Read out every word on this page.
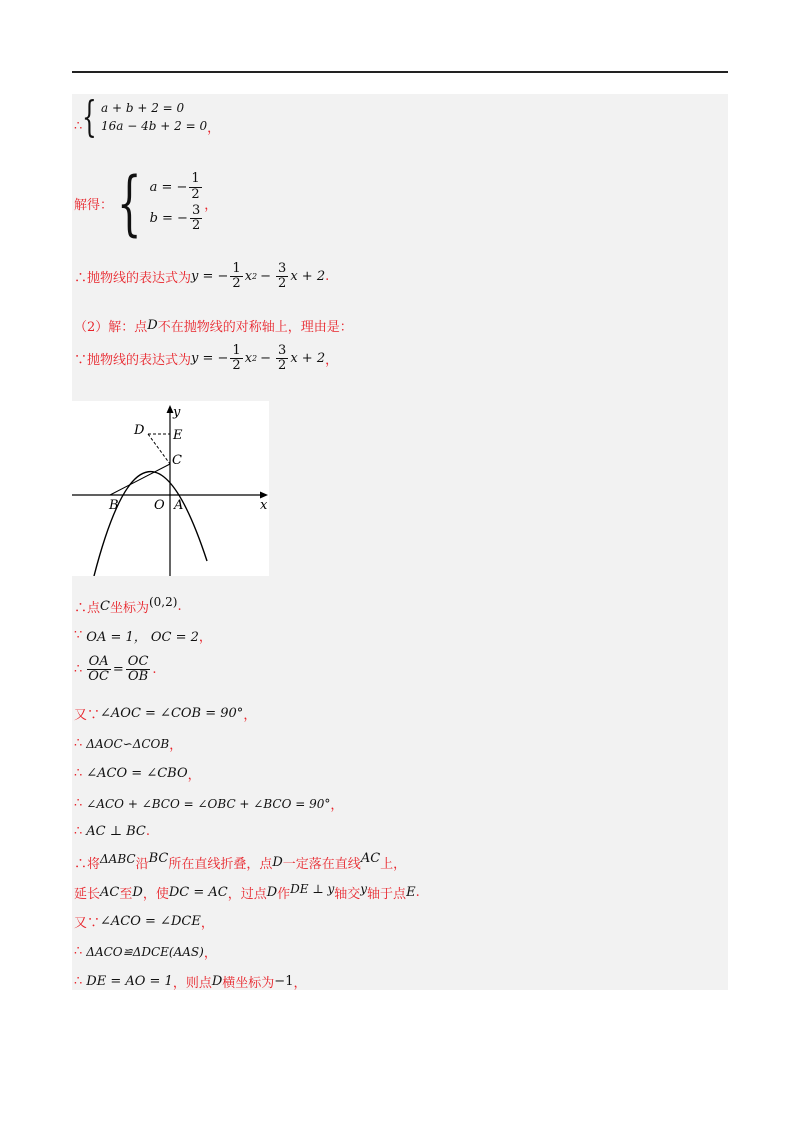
∴ { a + b + 2 = 0
16a − 4b + 2 = 0 ，
解得： { a = − $\frac{1}{2}$
b = − $\frac{3}{2}$ ，
∴抛物线的表达式为 y = − $\frac{1}{2}$ x $2 - \frac{3}{2}$ x + 2 .
（2）解：点 D 不在抛物线的对称轴上，理由是：
∵抛物线的表达式为 y = − $\frac{1}{2}$ x $2 - \frac{3}{2}$ x + 2 ，
y
x
D E
C
B	O A
∴点 C 坐标为 (0,2) .
∵ OA = 1， OC = 2 ，
∴ $\frac{OA}{OC} = \frac{OC}{OB}$ .
又∵ ∠AOC = ∠COB = 90° ，
∴ ΔAOC∽ΔCOB ，
∴ ∠ACO = ∠CBO ，
∴ ∠ACO + ∠BCO = ∠OBC + ∠BCO = 90° ，
∴ AC ⊥ BC .
∴将 ΔABC 沿 BC 所在直线折叠，点 D 一定落在直线 AC 上，
延长 AC 至 D ，使 DC = AC ，过点 D 作 DE ⊥ y 轴交 y 轴于点 E .
又∵ ∠ACO = ∠DCE ，
∴ ΔACO≌ΔDCE(AAS) ，
∴ DE = AO = 1 ，则点 D 横坐标为 −1 ，
